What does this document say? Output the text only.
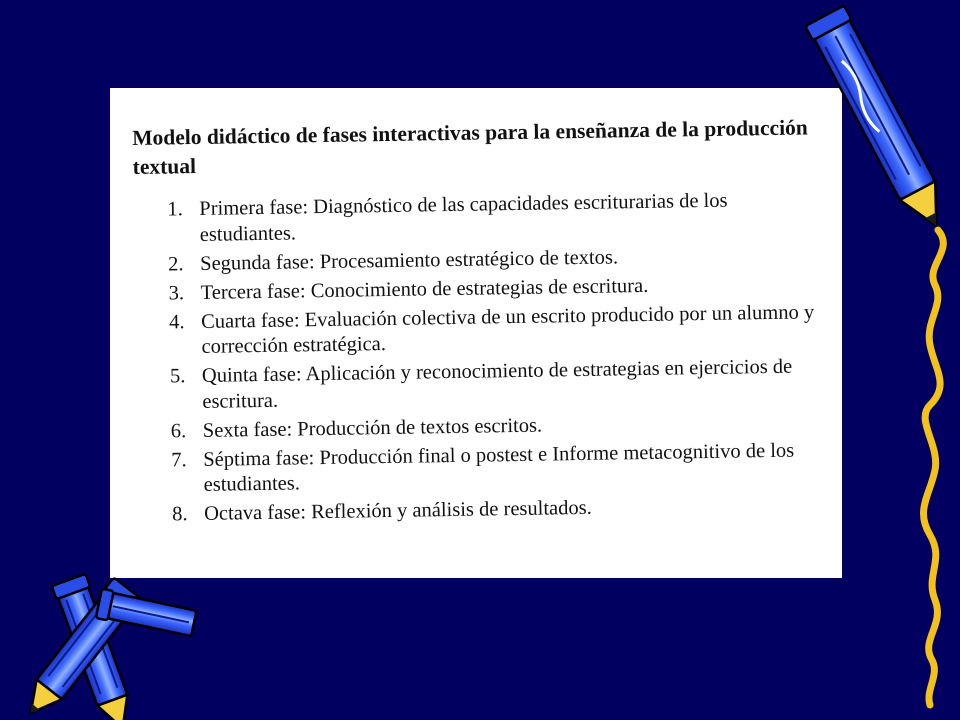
Modelo didáctico de fases interactivas para la enseñanza de la producción textual
1. Primera fase: Diagnóstico de las capacidades escriturarias de los estudiantes.
2. Segunda fase: Procesamiento estratégico de textos.
3. Tercera fase: Conocimiento de estrategias de escritura.
4. Cuarta fase: Evaluación colectiva de un escrito producido por un alumno y corrección estratégica.
5. Quinta fase: Aplicación y reconocimiento de estrategias en ejercicios de escritura.
6. Sexta fase: Producción de textos escritos.
7. Séptima fase: Producción final o postest e Informe metacognitivo de los estudiantes.
8. Octava fase: Reflexión y análisis de resultados.
